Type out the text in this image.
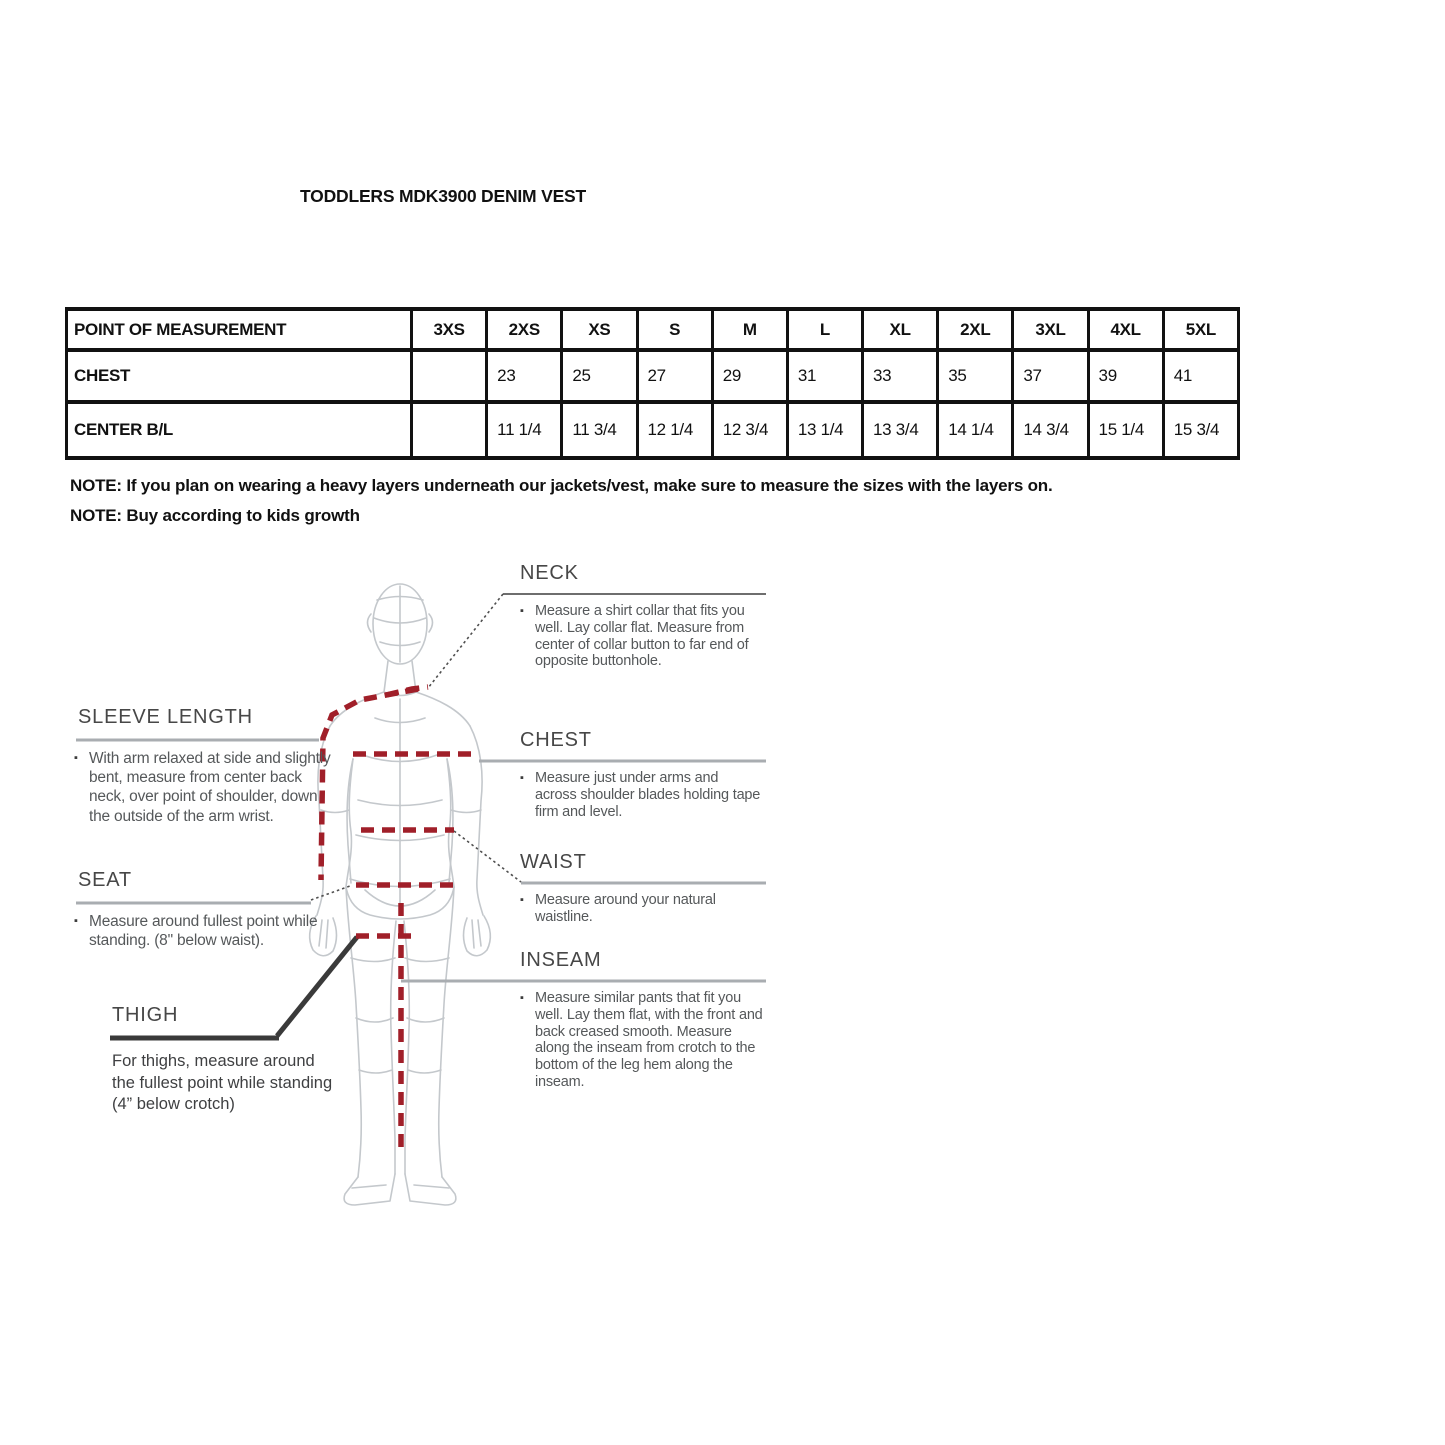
TODDLERS MDK3900 DENIM VEST
POINT OF MEASUREMENT	3XS	2XS	XS	S	M	L	XL	2XL	3XL	4XL	5XL
CHEST		23	25	27	29	31	33	35	37	39	41
CENTER B/L		11 1/4	11 3/4	12 1/4	12 3/4	13 1/4	13 3/4	14 1/4	14 3/4	15 1/4	15 3/4
NOTE: If you plan on wearing a heavy layers underneath our jackets/vest, make sure to measure the sizes with the layers on.
NOTE: Buy according to kids growth
NECK
▪ Measure a shirt collar that fits you well. Lay collar flat. Measure from center of collar button to far end of opposite buttonhole.
CHEST
▪ Measure just under arms and across shoulder blades holding tape firm and level.
WAIST
▪ Measure around your natural waistline.
INSEAM
▪ Measure similar pants that fit you well. Lay them flat, with the front and back creased smooth. Measure along the inseam from crotch to the bottom of the leg hem along the inseam.
SLEEVE LENGTH
▪ With arm relaxed at side and slightly bent, measure from center back neck, over point of shoulder, down the outside of the arm wrist.
SEAT
▪ Measure around fullest point while standing. (8" below waist).
THIGH
For thighs, measure around the fullest point while standing (4” below crotch)
